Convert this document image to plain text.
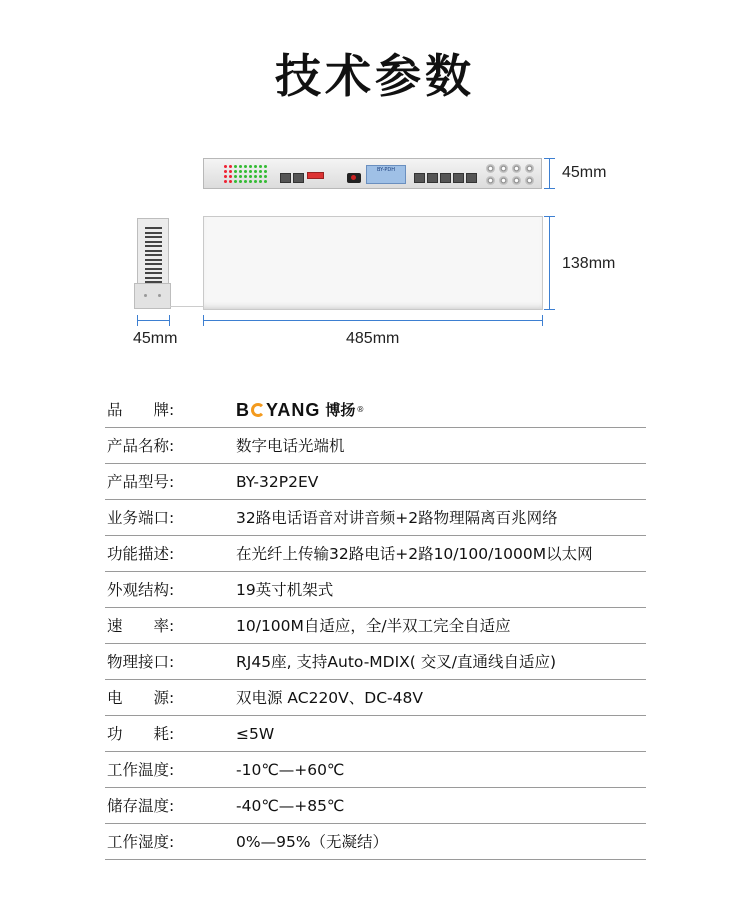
技术参数
BY-PDH	45mm
138mm
45mm	485mm
品　　牌:	B YANG 博扬 ®
产品名称:	数字电话光端机
产品型号:	BY-32P2EV
业务端口:	32路电话语音对讲音频+2路物理隔离百兆网络
功能描述:	在光纤上传输32路电话+2路10/100/1000M以太网
外观结构:	19英寸机架式
速　　率:	10/100M自适应，全/半双工完全自适应
物理接口:	RJ45座, 支持Auto-MDIX( 交叉/直通线自适应)
电　　源:	双电源 AC220V、DC-48V
功　　耗:	≤5W
工作温度:	-10℃—+60℃
储存温度:	-40℃—+85℃
工作湿度:	0%—95%（无凝结）
